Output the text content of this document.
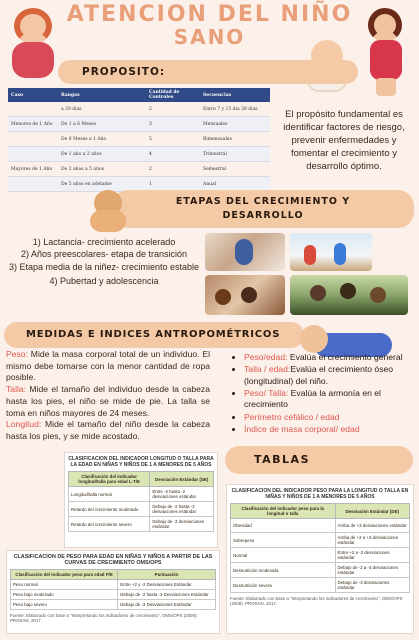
ATENCION DEL NIÑO
SANO
PROPOSITO:
Caso	Rangos	Cantidad de Controles	Secuencias
	a 29 dias	2	Entre 7 y 15 dia 28 dias
Menores de 1 Año	De 1 a 6 Meses	3	Mensuales
	De 6 Meses a 1 Año	5	Bimensuales
	De 1 año a 2 años	4	Trimestral
Mayores de 1 Año	De 2 años a 5 años	2	Semestral
	De 5 años en adelante	1	Anual
El propósito fundamental es identificar factores de riesgo, prevenir enfermedades y fomentar el crecimiento y desarrollo óptimo.
ETAPAS DEL CRECIMIENTO Y
DESARROLLO
1) Lactancia- crecimiento acelerado
2) Años preescolares- etapa de transición
3) Etapa media de la niñez- crecimiento estable
4) Pubertad y adolescencia
MEDIDAS E INDICES ANTROPOMÉTRICOS
Peso: Mide la masa corporal total de un individuo. El mismo debe tomarse con la menor cantidad de ropa posible.
Talla: Mide el tamaño del individuo desde la cabeza hasta los pies, el niño se mide de pie. La talla se toma en niños mayores de 24 meses.
Longitud: Mide el tamaño del niño desde la cabeza hasta los pies, y se mide acostado.
• Peso/edad: Evalúa el crecimiento general
• Talla / edad:Evalúa el crecimiento óseo (longitudinal) del niño.
• Peso/ Talla: Evalúa la armonía en el crecimiento
• Perímetro cefálico / edad
• Índice de masa corporal/ edad
TABLAS
CLASIFICACION DEL INDICADOR LONGITUD O TALLA PARA LA EDAD EN NIÑAS Y NIÑOS DE 1 A MENORES DE 5 AÑOS
Clasificación del indicador longitud/talla para edad L-T/E	Desviación Estándar (DE)
Longitud/talla normal	Entre -2 hasta -2 desviaciones estándar
Retardo del crecimiento moderado	Debajo de -2 hasta -3 desviaciones estándar
Retardo del crecimiento severo	Debajo de -3 desviaciones estándar
CLASIFICACION DE PESO PARA EDAD EN NIÑAS Y NIÑOS A PARTIR DE LAS CURVAS DE CRECIMIENTO OMS/OPS
Clasificación del indicador peso para edad P/E	Puntuación
Peso normal	Entre +2 y -2 Desviaciones Estándar
Peso bajo moderado	Debajo de -2 hasta -3 Desviaciones Estándar
Peso bajo severo	Debajo de -3 Desviaciones Estándar
Fuente: Elaborado con base a "Interpretando los indicadores de crecimiento", OMS/OPS (2008). PROSAN, 2017.
CLASIFICACION DEL INDICADOR PESO PARA LA LONGITUD O TALLA EN NIÑAS Y NIÑOS DE 1 A MENORES DE 5 AÑOS
Clasificación del indicador peso para la longitud o talla	Desviación Estándar (DE)
Obesidad	Arriba de +3 desviaciones estándar
Sobrepeso	Arriba de +2 a +3 desviaciones estándar
Normal	Entre +2 a -2 desviaciones estándar
Desnutrición moderada	Debajo de -2 a -3 desviaciones estándar
Desnutrición severa	Debajo de -3 desviaciones estándar
Fuente: Elaborado con base a "Interpretando los indicadores de crecimiento", OMS/OPS (2008). PROSAN, 2017.
